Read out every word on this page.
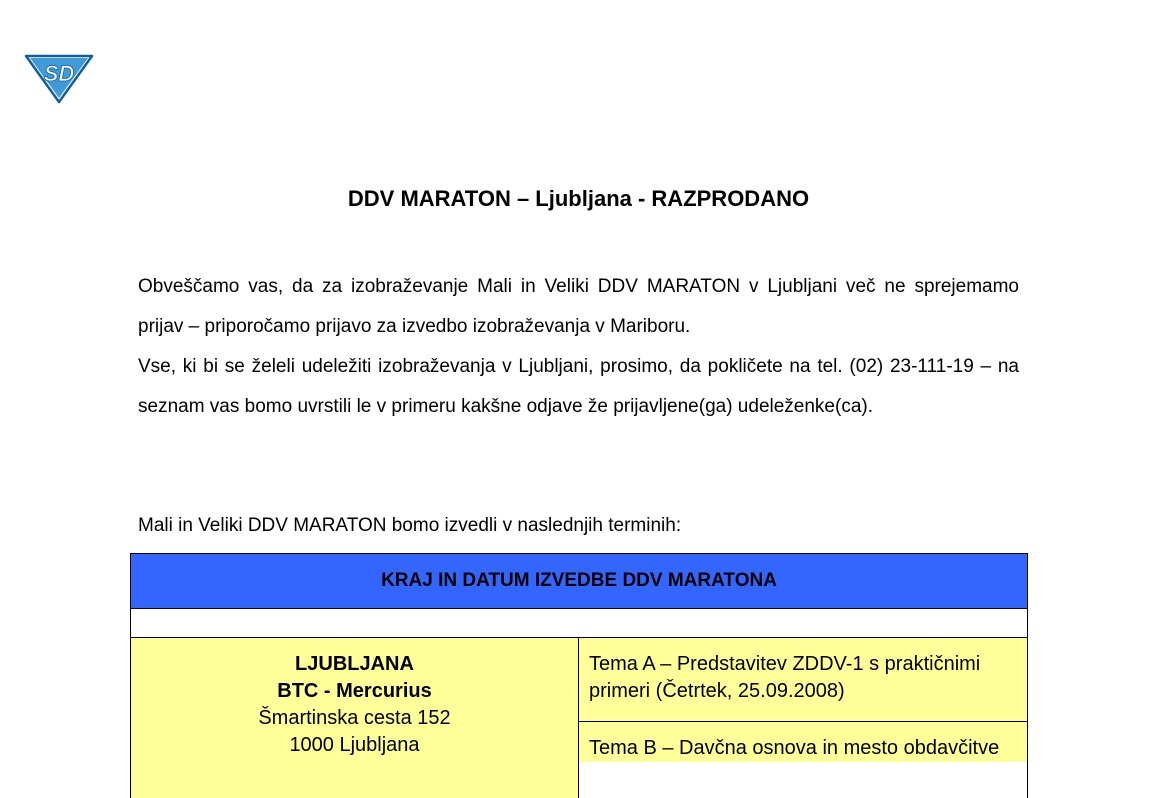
SD
DDV MARATON – Ljubljana - RAZPRODANO

Obveščamo vas, da za izobraževanje Mali in Veliki DDV MARATON v Ljubljani več ne sprejemamo prijav – priporočamo prijavo za izvedbo izobraževanja v Mariboru.

Vse, ki bi se želeli udeležiti izobraževanja v Ljubljani, prosimo, da pokličete na tel. (02) 23-111-19 – na seznam vas bomo uvrstili le v primeru kakšne odjave že prijavljene(ga) udeleženke(ca).

Mali in Veliki DDV MARATON bomo izvedli v naslednjih terminih:
KRAJ IN DATUM IZVEDBE DDV MARATONA
LJUBLJANA
BTC - Mercurius
Šmartinska cesta 152
1000 Ljubljana
Tema A – Predstavitev ZDDV-1 s praktičnimi primeri (Četrtek, 25.09.2008)
Tema B – Davčna osnova in mesto obdavčitve
